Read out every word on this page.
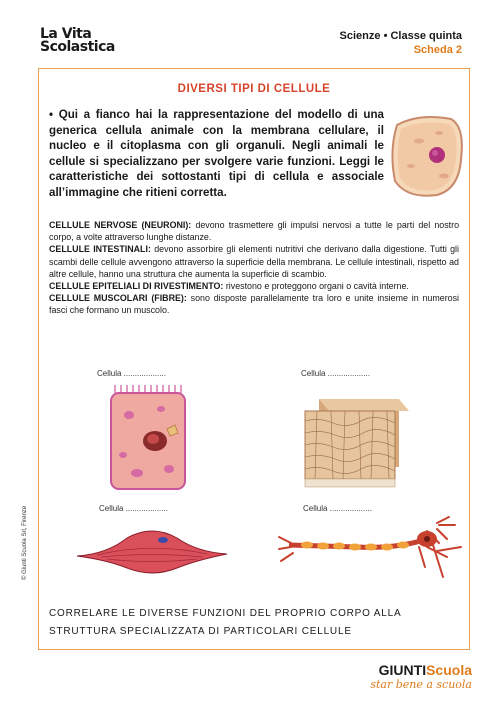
La Vita
Scolastica
Scienze • Classe quinta
Scheda 2
DIVERSI TIPI DI CELLULE
• Qui a fianco hai la rappresentazione del modello di una generica cellula animale con la membrana cellulare, il nucleo e il citoplasma con gli organuli. Negli animali le cellule si specializzano per svolgere varie funzioni. Leggi le caratteristiche dei sottostanti tipi di cellula e associale all’immagine che ritieni corretta.
CELLULE NERVOSE (NEURONI): devono trasmettere gli impulsi nervosi a tutte le parti del nostro corpo, a volte attraverso lunghe distanze.
CELLULE INTESTINALI: devono assorbire gli elementi nutritivi che derivano dalla digestione. Tutti gli scambi delle cellule avvengono attraverso la superficie della membrana. Le cellule intestinali, rispetto ad altre cellule, hanno una struttura che aumenta la superficie di scambio.
CELLULE EPITELIALI DI RIVESTIMENTO: rivestono e proteggono organi o cavità interne.
CELLULE MUSCOLARI (FIBRE): sono disposte parallelamente tra loro e unite insieme in numerosi fasci che formano un muscolo.
Cellula ...................	Cellula ...................
Cellula ...................	Cellula ...................
CORRELARE LE DIVERSE FUNZIONI DEL PROPRIO CORPO ALLA STRUTTURA SPECIALIZZATA DI PARTICOLARI CELLULE
© Giunti Scuola Srl, Firenze
GIUNTIScuola
star bene a scuola
